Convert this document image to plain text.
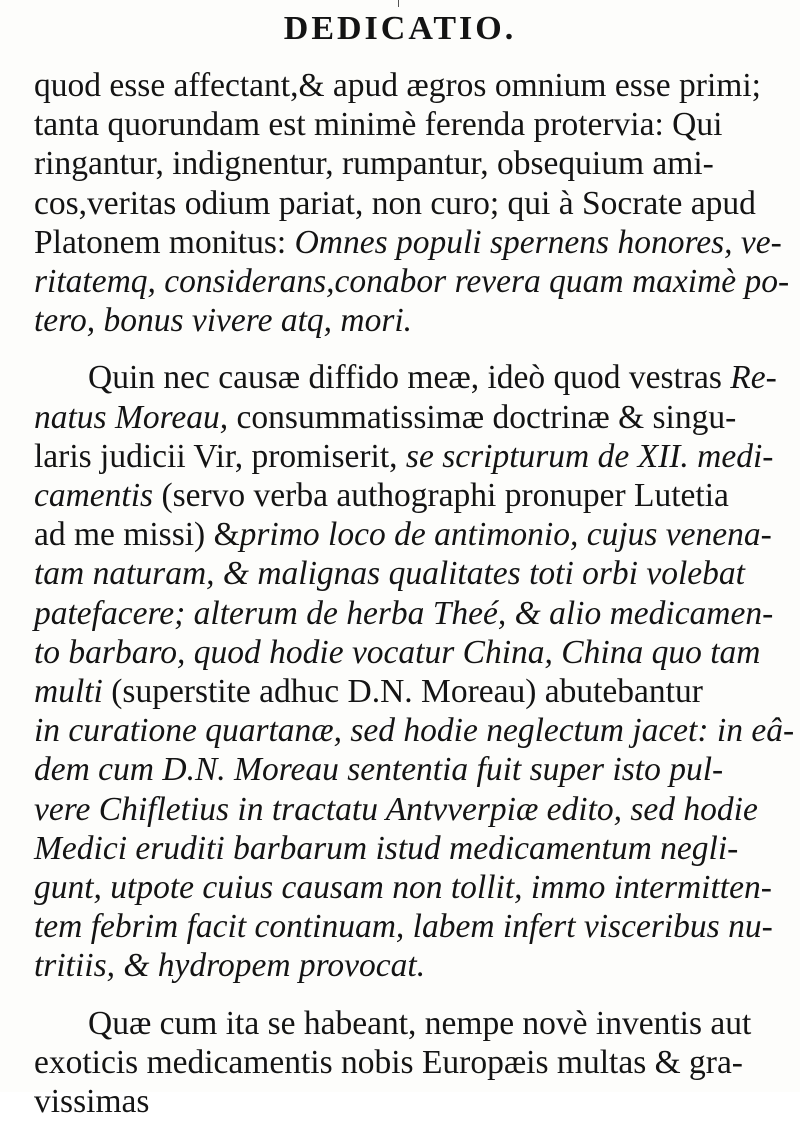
DEDICATIO.
quod esse affectant,& apud ægros omnium esse primi;
tanta quorundam est minimè ferenda protervia: Qui
ringantur, indignentur, rumpantur, obsequium ami-
cos,veritas odium pariat, non curo; qui à Socrate apud
Platonem monitus: Omnes populi spernens honores, ve-
ritatemq, considerans,conabor revera quam maximè po-
tero, bonus vivere atq, mori.
Quin nec causæ diffido meæ, ideò quod vestras Re-
natus Moreau, consummatissimæ doctrinæ & singu-
laris judicii Vir, promiserit, se scripturum de XII. medi-
camentis (servo verba authographi pronuper Lutetia
ad me missi) &primo loco de antimonio, cujus venena-
tam naturam, & malignas qualitates toti orbi volebat
patefacere; alterum de herba Theé, & alio medicamen-
to barbaro, quod hodie vocatur China, China quo tam
multi (superstite adhuc D.N. Moreau) abutebantur
in curatione quartanæ, sed hodie neglectum jacet: in eâ-
dem cum D.N. Moreau sententia fuit super isto pul-
vere Chifletius in tractatu Antvverpiæ edito, sed hodie
Medici eruditi barbarum istud medicamentum negli-
gunt, utpote cuius causam non tollit, immo intermitten-
tem febrim facit continuam, labem infert visceribus nu-
tritiis, & hydropem provocat.
Quæ cum ita se habeant, nempe novè inventis aut
exoticis medicamentis nobis Europæis multas & gra-
vissimas
